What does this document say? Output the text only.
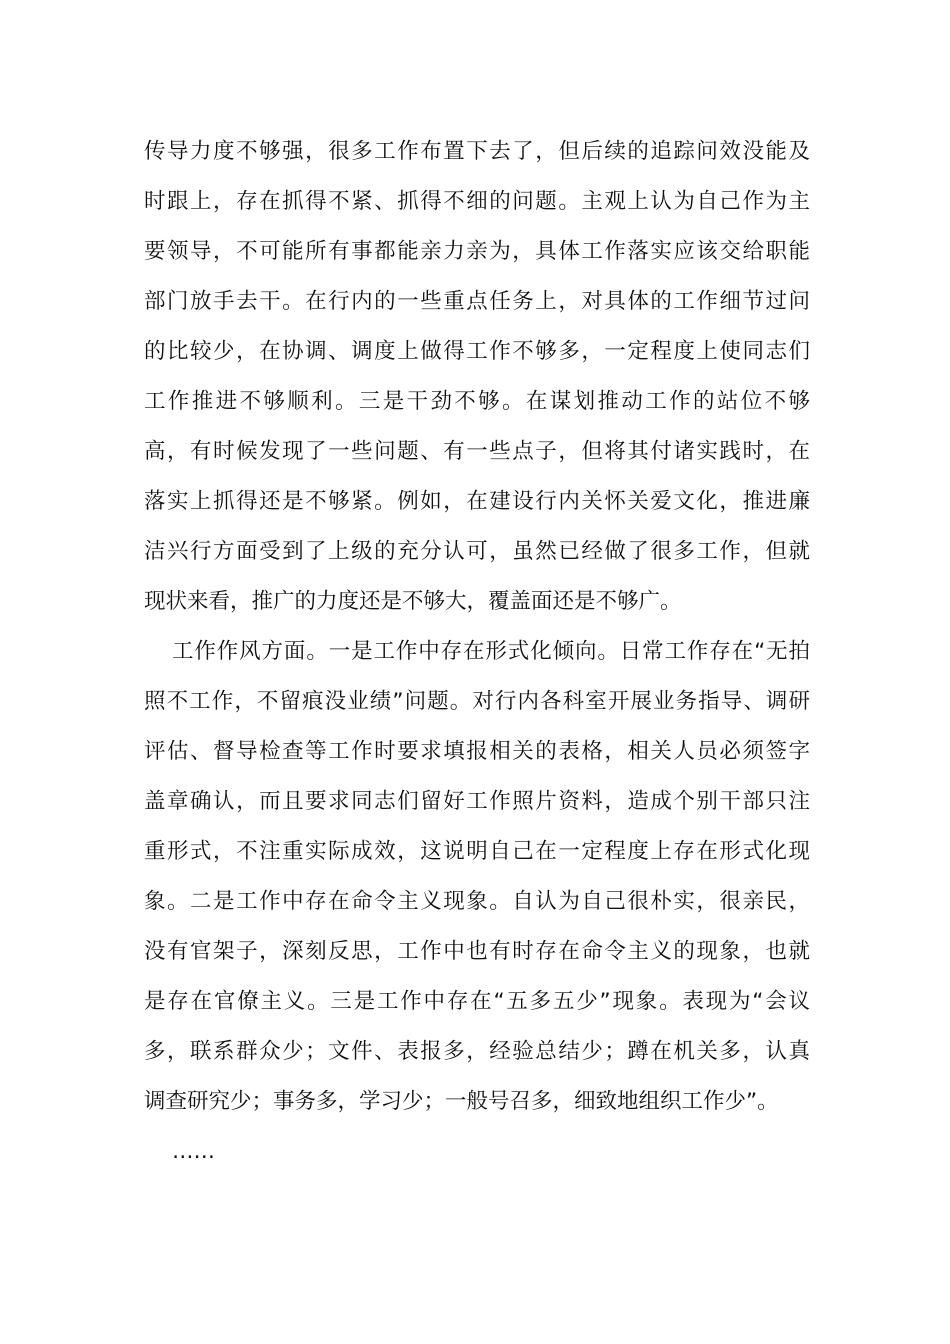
传导力度不够强，很多工作布置下去了，但后续的追踪问效没能及
时跟上，存在抓得不紧、抓得不细的问题。主观上认为自己作为主
要领导，不可能所有事都能亲力亲为，具体工作落实应该交给职能
部门放手去干。在行内的一些重点任务上，对具体的工作细节过问
的比较少，在协调、调度上做得工作不够多，一定程度上使同志们
工作推进不够顺利。三是干劲不够。在谋划推动工作的站位不够
高，有时候发现了一些问题、有一些点子，但将其付诸实践时，在
落实上抓得还是不够紧。例如，在建设行内关怀关爱文化，推进廉
洁兴行方面受到了上级的充分认可，虽然已经做了很多工作，但就
现状来看，推广的力度还是不够大，覆盖面还是不够广。
工作作风方面。一是工作中存在形式化倾向。日常工作存在“无拍
照不工作，不留痕没业绩”问题。对行内各科室开展业务指导、调研
评估、督导检查等工作时要求填报相关的表格，相关人员必须签字
盖章确认，而且要求同志们留好工作照片资料，造成个别干部只注
重形式，不注重实际成效，这说明自己在一定程度上存在形式化现
象。二是工作中存在命令主义现象。自认为自己很朴实，很亲民，
没有官架子，深刻反思，工作中也有时存在命令主义的现象，也就
是存在官僚主义。三是工作中存在“五多五少”现象。表现为“会议
多，联系群众少；文件、表报多，经验总结少；蹲在机关多，认真
调查研究少；事务多，学习少；一般号召多，细致地组织工作少”。
……
